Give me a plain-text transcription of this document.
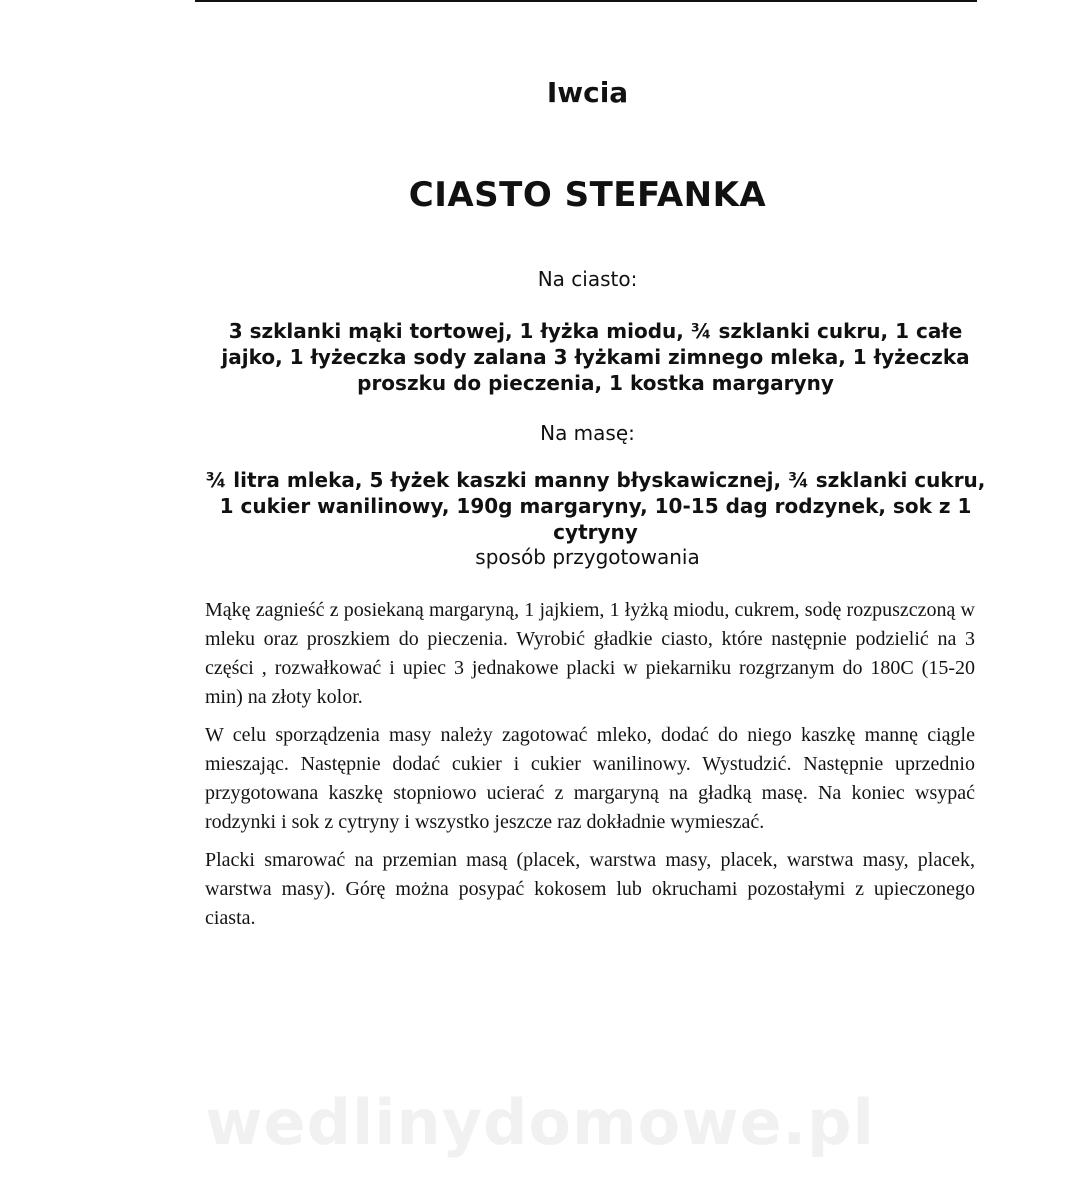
Iwcia
CIASTO STEFANKA
Na ciasto:
3 szklanki mąki tortowej, 1 łyżka miodu, ¾ szklanki cukru, 1 całe jajko, 1 łyżeczka sody zalana 3 łyżkami zimnego mleka, 1 łyżeczka proszku do pieczenia, 1 kostka margaryny
Na masę:
¾ litra mleka, 5 łyżek kaszki manny błyskawicznej, ¾ szklanki cukru, 1 cukier wanilinowy, 190g margaryny, 10-15 dag rodzynek, sok z 1 cytryny
sposób przygotowania

Mąkę zagnieść z posiekaną margaryną, 1 jajkiem, 1 łyżką miodu, cukrem, sodę rozpuszczoną w mleku oraz proszkiem do pieczenia. Wyrobić gładkie ciasto, które następnie podzielić na 3 części , rozwałkować i upiec 3 jednakowe placki w piekarniku rozgrzanym do 180C (15-20 min) na złoty kolor.

W celu sporządzenia masy należy zagotować mleko, dodać do niego kaszkę mannę ciągle mieszając. Następnie dodać cukier i cukier wanilinowy. Wystudzić. Następnie uprzednio przygotowana kaszkę stopniowo ucierać z margaryną na gładką masę. Na koniec wsypać rodzynki i sok z cytryny i wszystko jeszcze raz dokładnie wymieszać.

Placki smarować na przemian masą (placek, warstwa masy, placek, warstwa masy, placek, warstwa masy). Górę można posypać kokosem lub okruchami pozostałymi z upieczonego ciasta.

wedlinydomowe.pl
